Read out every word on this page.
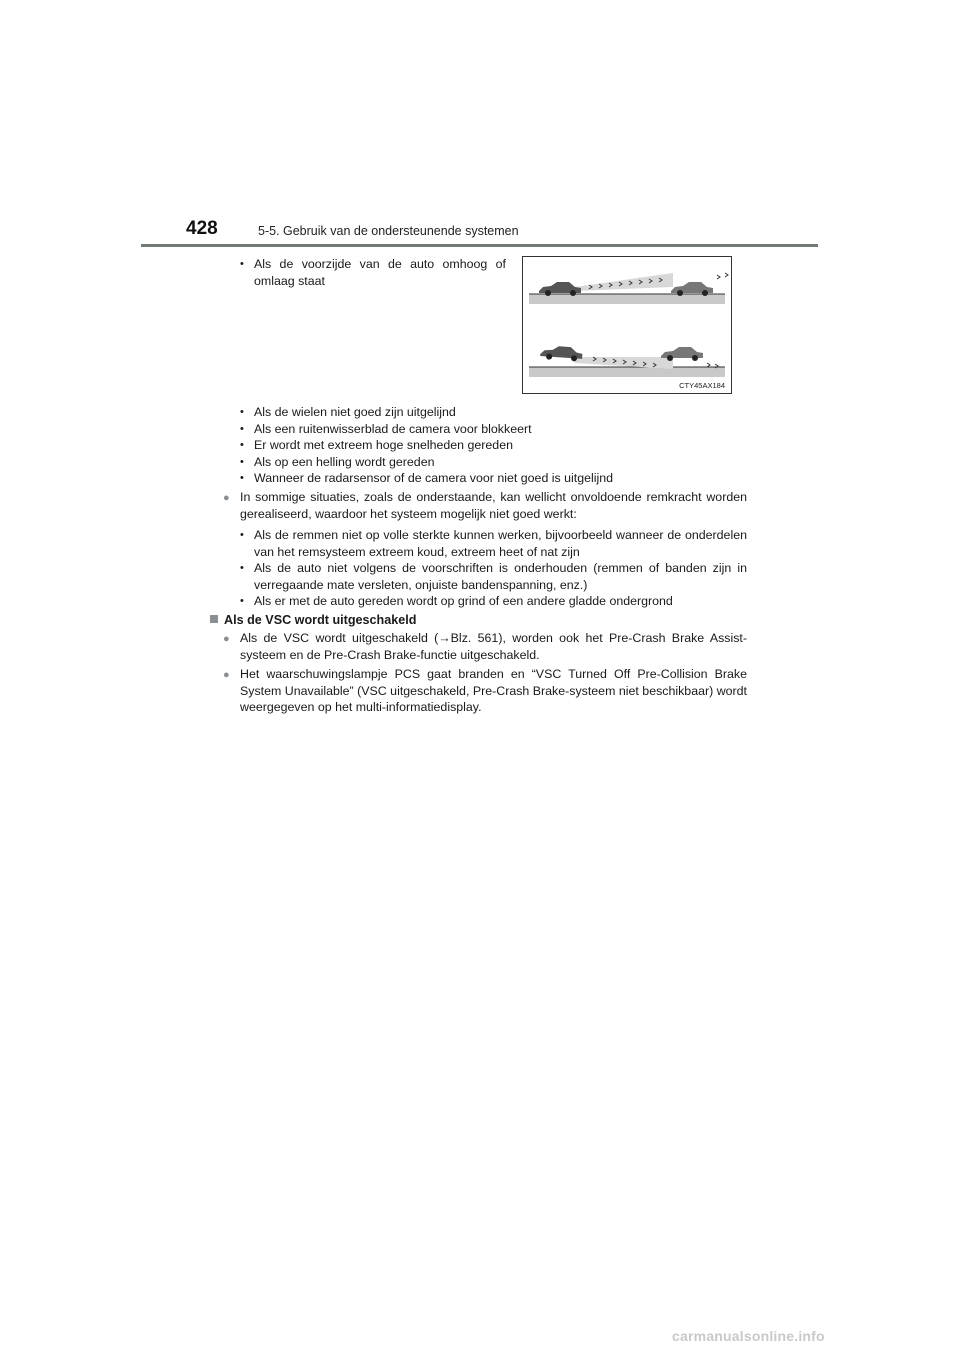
428	5-5. Gebruik van de ondersteunende systemen

• Als de voorzijde van de auto omhoog of omlaag staat

CTY45AX184

• Als de wielen niet goed zijn uitgelijnd

• Als een ruitenwisserblad de camera voor blokkeert

• Er wordt met extreem hoge snelheden gereden

• Als op een helling wordt gereden

• Wanneer de radarsensor of de camera voor niet goed is uitgelijnd

● In sommige situaties, zoals de onderstaande, kan wellicht onvoldoende remkracht worden gerealiseerd, waardoor het systeem mogelijk niet goed werkt:

• Als de remmen niet op volle sterkte kunnen werken, bijvoorbeeld wanneer de onderdelen van het remsysteem extreem koud, extreem heet of nat zijn

• Als de auto niet volgens de voorschriften is onderhouden (remmen of banden zijn in verregaande mate versleten, onjuiste bandenspanning, enz.)

• Als er met de auto gereden wordt op grind of een andere gladde ondergrond

Als de VSC wordt uitgeschakeld
● Als de VSC wordt uitgeschakeld (→Blz. 561), worden ook het Pre-Crash Brake Assist-systeem en de Pre-Crash Brake-functie uitgeschakeld.
● Het waarschuwingslampje PCS gaat branden en “VSC Turned Off Pre-Collision Brake System Unavailable” (VSC uitgeschakeld, Pre-Crash Brake-systeem niet beschikbaar) wordt weergegeven op het multi-informatiedisplay.
carmanualsonline.info
